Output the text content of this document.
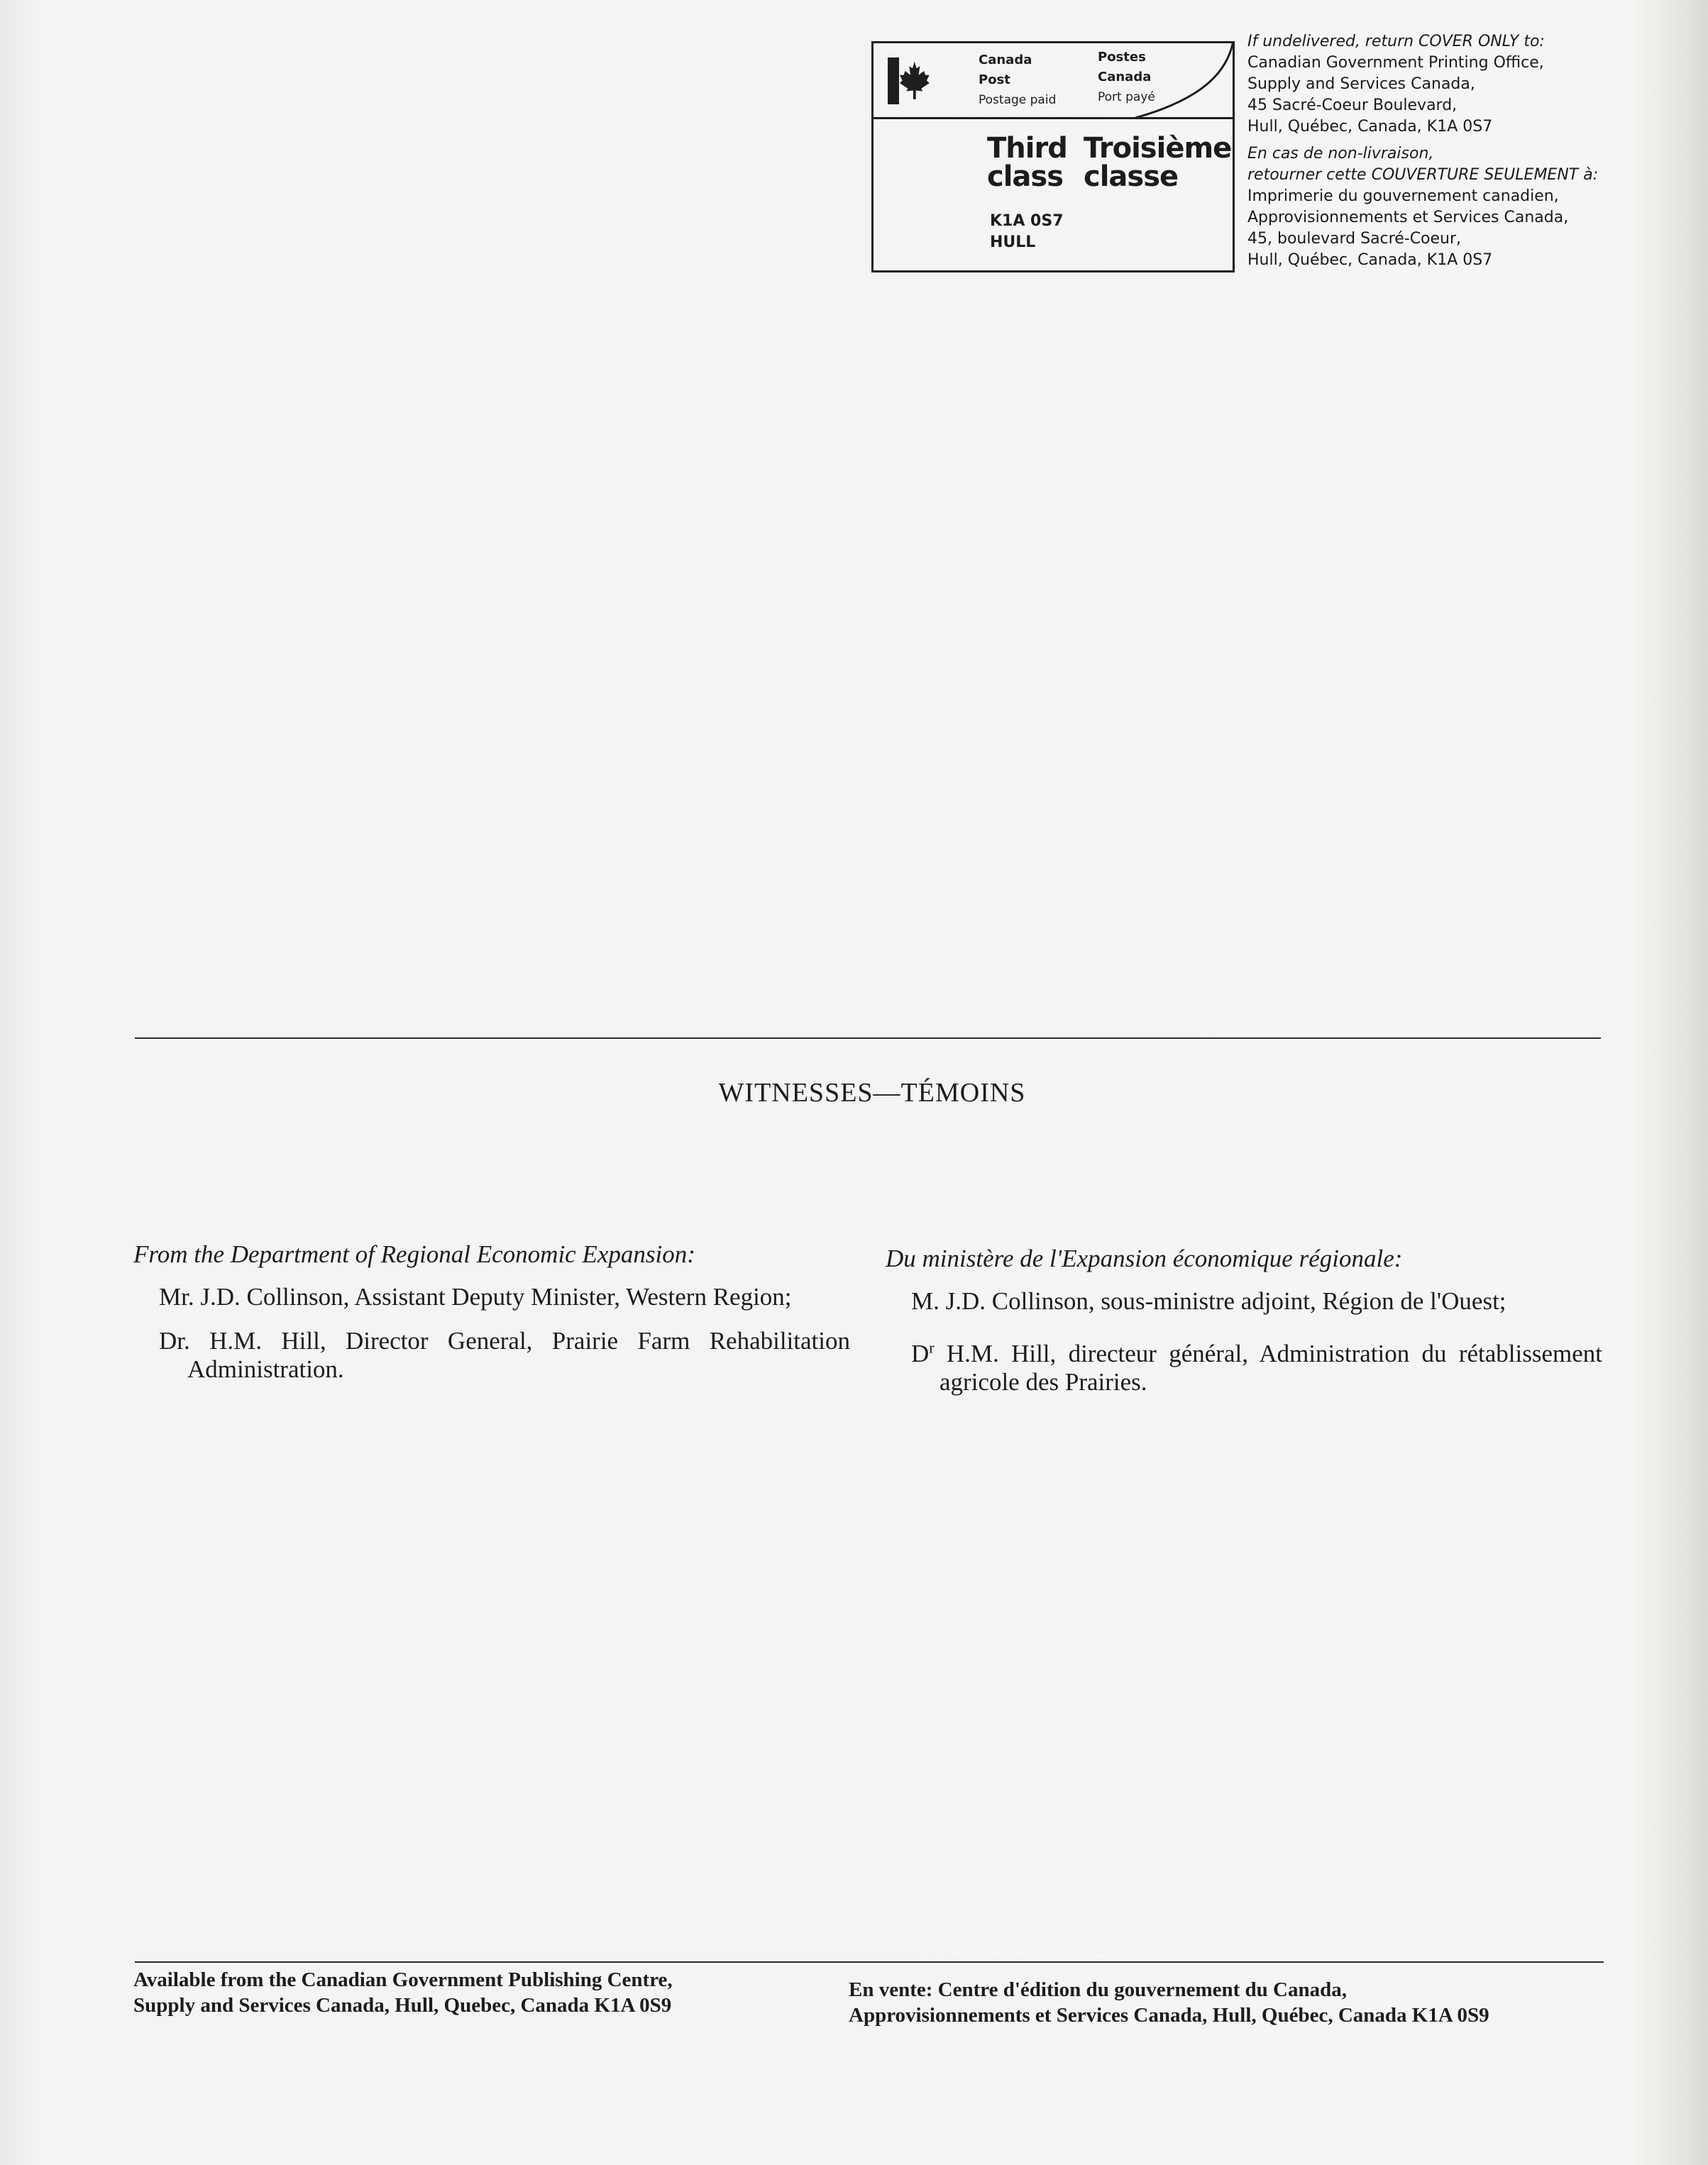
Canada
Post
Postage paid
Postes
Canada
Port payé
Third
class
Troisième
classe
K1A 0S7
HULL
If undelivered, return COVER ONLY to:
Canadian Government Printing Office,
Supply and Services Canada,
45 Sacré-Coeur Boulevard,
Hull, Québec, Canada, K1A 0S7
En cas de non-livraison,
retourner cette COUVERTURE SEULEMENT à:
Imprimerie du gouvernement canadien,
Approvisionnements et Services Canada,
45, boulevard Sacré-Coeur,
Hull, Québec, Canada, K1A 0S7
WITNESSES—TÉMOINS
From the Department of Regional Economic Expansion:
Mr. J.D. Collinson, Assistant Deputy Minister, Western Region;
Dr. H.M. Hill, Director General, Prairie Farm Rehabilitation Administration.
Du ministère de l'Expansion économique régionale:
M. J.D. Collinson, sous-ministre adjoint, Région de l'Ouest;
$D^r$ H.M. Hill, directeur général, Administration du rétablissement agricole des Prairies.
Available from the Canadian Government Publishing Centre,
Supply and Services Canada, Hull, Quebec, Canada K1A 0S9
En vente: Centre d'édition du gouvernement du Canada,
Approvisionnements et Services Canada, Hull, Québec, Canada K1A 0S9
